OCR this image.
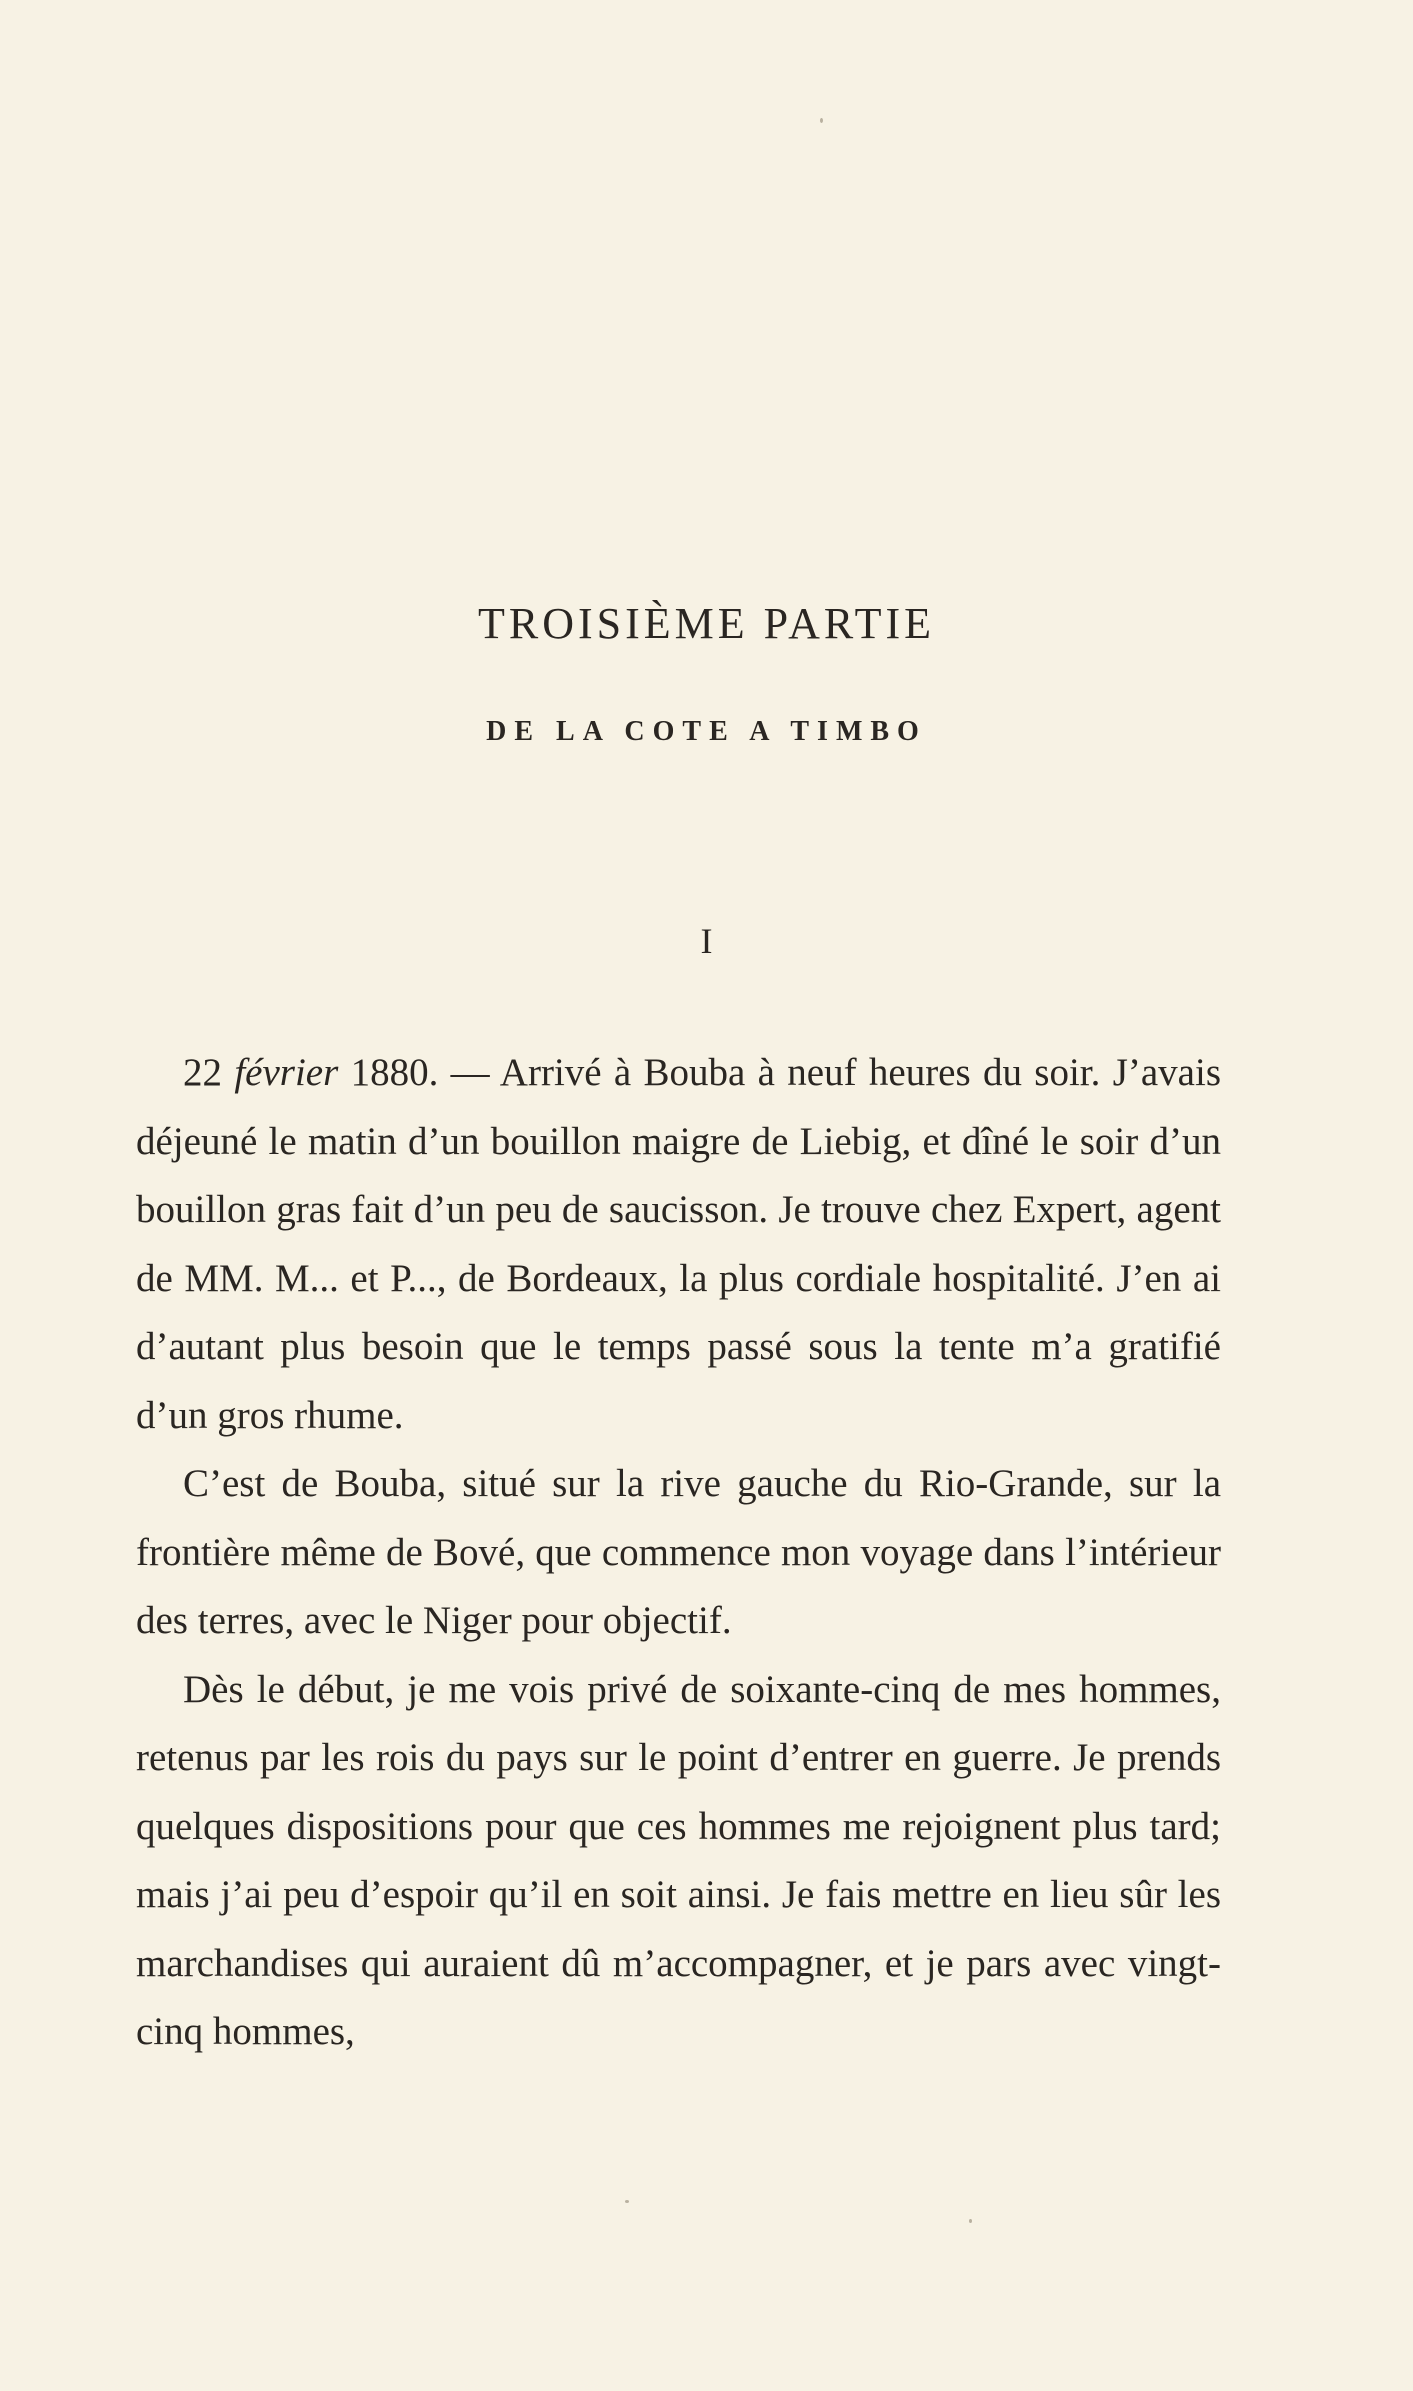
TROISIÈME PARTIE
DE LA COTE A TIMBO
I

22 février 1880. — Arrivé à Bouba à neuf heures du soir. J’avais déjeuné le matin d’un bouillon maigre de Liebig, et dîné le soir d’un bouillon gras fait d’un peu de saucisson. Je trouve chez Expert, agent de MM. M... et P..., de Bordeaux, la plus cordiale hospitalité. J’en ai d’autant plus besoin que le temps passé sous la tente m’a gratifié d’un gros rhume.

C’est de Bouba, situé sur la rive gauche du Rio-Grande, sur la frontière même de Bové, que commence mon voyage dans l’intérieur des terres, avec le Niger pour objectif.

Dès le début, je me vois privé de soixante-cinq de mes hommes, retenus par les rois du pays sur le point d’entrer en guerre. Je prends quelques dispositions pour que ces hommes me rejoignent plus tard; mais j’ai peu d’espoir qu’il en soit ainsi. Je fais mettre en lieu sûr les marchandises qui auraient dû m’accompagner, et je pars avec vingt-cinq hommes,
